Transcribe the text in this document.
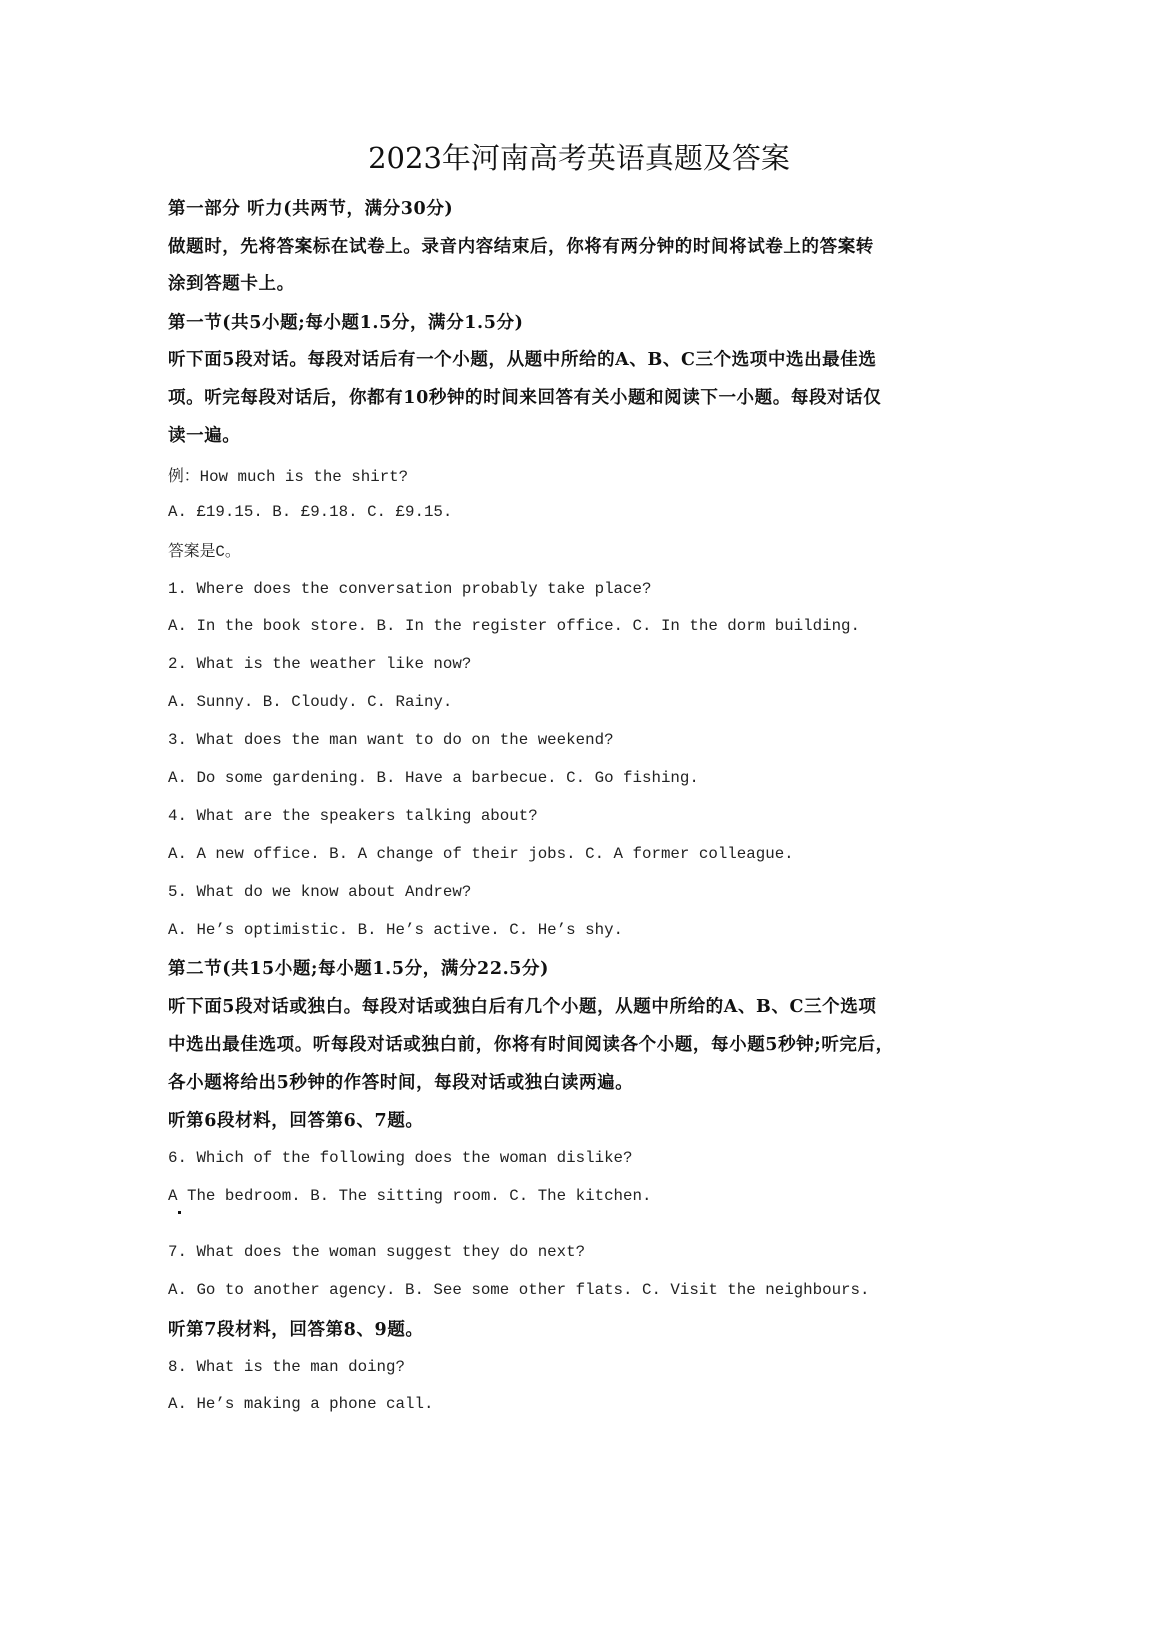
2023年河南高考英语真题及答案
第一部分 听力(共两节，满分30分)
做题时，先将答案标在试卷上。录音内容结束后，你将有两分钟的时间将试卷上的答案转
涂到答题卡上。
第一节(共5小题;每小题1.5分，满分1.5分)
听下面5段对话。每段对话后有一个小题，从题中所给的A、B、C三个选项中选出最佳选
项。听完每段对话后，你都有10秒钟的时间来回答有关小题和阅读下一小题。每段对话仅
读一遍。
例：How much is the shirt?
A. £19.15. B. £9.18. C. £9.15.
答案是C。
1. Where does the conversation probably take place?
A. In the book store. B. In the register office. C. In the dorm building.
2. What is the weather like now?
A. Sunny. B. Cloudy. C. Rainy.
3. What does the man want to do on the weekend?
A. Do some gardening. B. Have a barbecue. C. Go fishing.
4. What are the speakers talking about?
A. A new office. B. A change of their jobs. C. A former colleague.
5. What do we know about Andrew?
A. He’s optimistic. B. He’s active. C. He’s shy.
第二节(共15小题;每小题1.5分，满分22.5分)
听下面5段对话或独白。每段对话或独白后有几个小题，从题中所给的A、B、C三个选项
中选出最佳选项。听每段对话或独白前，你将有时间阅读各个小题，每小题5秒钟;听完后，
各小题将给出5秒钟的作答时间，每段对话或独白读两遍。
听第6段材料，回答第6、7题。
6. Which of the following does the woman dislike?
A The bedroom. B. The sitting room. C. The kitchen.
7. What does the woman suggest they do next?
A. Go to another agency. B. See some other flats. C. Visit the neighbours.
听第7段材料，回答第8、9题。
8. What is the man doing?
A. He’s making a phone call.
